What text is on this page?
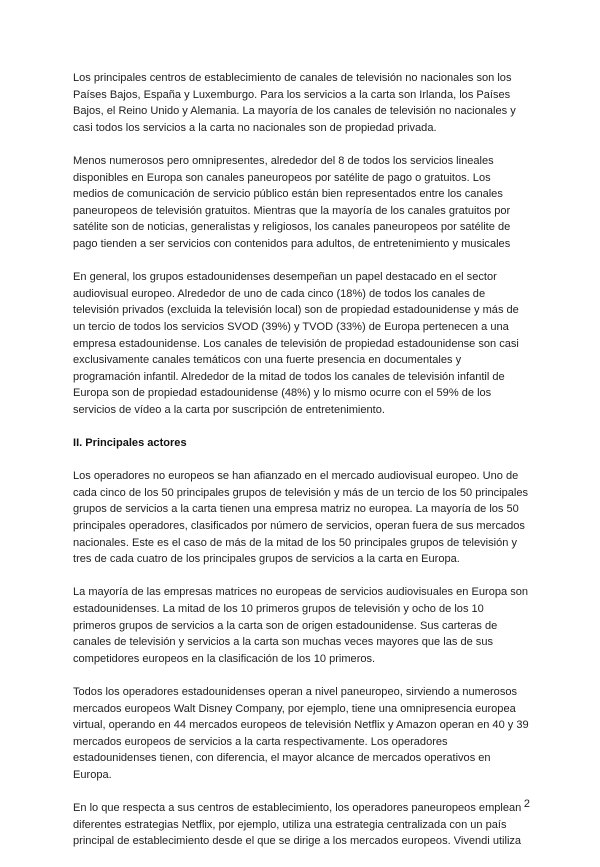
Los principales centros de establecimiento de canales de televisión no nacionales son los Países Bajos, España y Luxemburgo. Para los servicios a la carta son Irlanda, los Países Bajos, el Reino Unido y Alemania. La mayoría de los canales de televisión no nacionales y casi todos los servicios a la carta no nacionales son de propiedad privada.

Menos numerosos pero omnipresentes, alrededor del 8 de todos los servicios lineales disponibles en Europa son canales paneuropeos por satélite de pago o gratuitos. Los medios de comunicación de servicio público están bien representados entre los canales paneuropeos de televisión gratuitos. Mientras que la mayoría de los canales gratuitos por satélite son de noticias, generalistas y religiosos, los canales paneuropeos por satélite de pago tienden a ser servicios con contenidos para adultos, de entretenimiento y musicales

En general, los grupos estadounidenses desempeñan un papel destacado en el sector audiovisual europeo. Alrededor de uno de cada cinco (18%) de todos los canales de televisión privados (excluida la televisión local) son de propiedad estadounidense y más de un tercio de todos los servicios SVOD (39%) y TVOD (33%) de Europa pertenecen a una empresa estadounidense. Los canales de televisión de propiedad estadounidense son casi exclusivamente canales temáticos con una fuerte presencia en documentales y programación infantil. Alrededor de la mitad de todos los canales de televisión infantil de Europa son de propiedad estadounidense (48%) y lo mismo ocurre con el 59% de los servicios de vídeo a la carta por suscripción de entretenimiento.

II. Principales actores

Los operadores no europeos se han afianzado en el mercado audiovisual europeo. Uno de cada cinco de los 50 principales grupos de televisión y más de un tercio de los 50 principales grupos de servicios a la carta tienen una empresa matriz no europea. La mayoría de los 50 principales operadores, clasificados por número de servicios, operan fuera de sus mercados nacionales. Este es el caso de más de la mitad de los 50 principales grupos de televisión y tres de cada cuatro de los principales grupos de servicios a la carta en Europa.

La mayoría de las empresas matrices no europeas de servicios audiovisuales en Europa son estadounidenses. La mitad de los 10 primeros grupos de televisión y ocho de los 10 primeros grupos de servicios a la carta son de origen estadounidense. Sus carteras de canales de televisión y servicios a la carta son muchas veces mayores que las de sus competidores europeos en la clasificación de los 10 primeros.

Todos los operadores estadounidenses operan a nivel paneuropeo, sirviendo a numerosos mercados europeos Walt Disney Company, por ejemplo, tiene una omnipresencia europea virtual, operando en 44 mercados europeos de televisión Netflix y Amazon operan en 40 y 39 mercados europeos de servicios a la carta respectivamente. Los operadores estadounidenses tienen, con diferencia, el mayor alcance de mercados operativos en Europa.

En lo que respecta a sus centros de establecimiento, los operadores paneuropeos emplean diferentes estrategias Netflix, por ejemplo, utiliza una estrategia centralizada con un país principal de establecimiento desde el que se dirige a los mercados europeos. Vivendi utiliza

2
